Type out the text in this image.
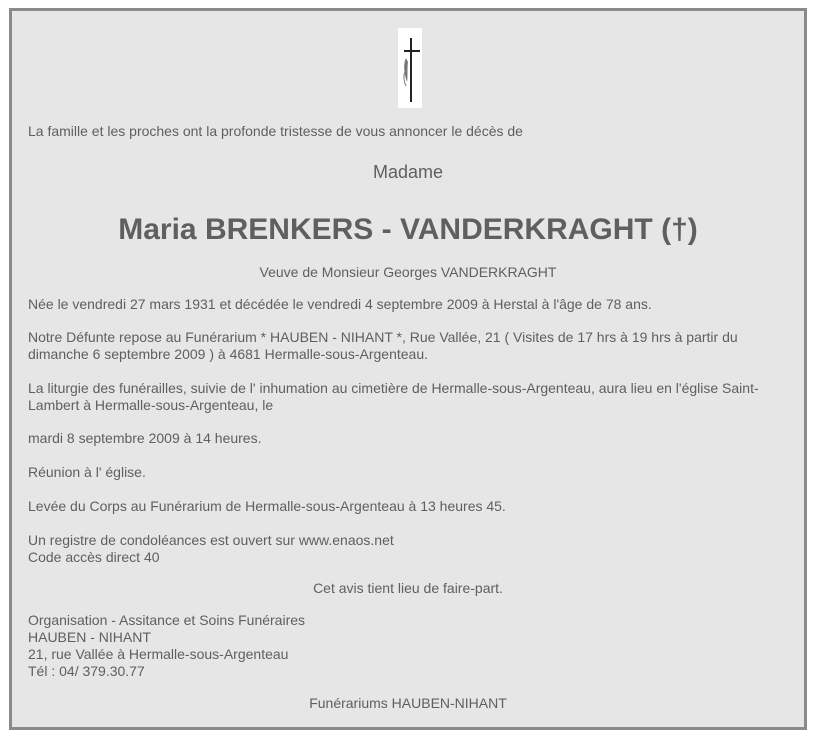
La famille et les proches ont la profonde tristesse de vous annoncer le décès de
Madame
Maria BRENKERS - VANDERKRAGHT (†)
Veuve de Monsieur Georges VANDERKRAGHT
Née le vendredi 27 mars 1931 et décédée le vendredi 4 septembre 2009 à Herstal à l'âge de 78 ans.
Notre Défunte repose au Funérarium * HAUBEN - NIHANT *, Rue Vallée, 21 ( Visites de 17 hrs à 19 hrs à partir du dimanche 6 septembre 2009 ) à 4681 Hermalle-sous-Argenteau.
La liturgie des funérailles, suivie de l' inhumation au cimetière de Hermalle-sous-Argenteau, aura lieu en l'église Saint-Lambert à Hermalle-sous-Argenteau, le
mardi 8 septembre 2009 à 14 heures.
Réunion à l' église.
Levée du Corps au Funérarium de Hermalle-sous-Argenteau à 13 heures 45.
Un registre de condoléances est ouvert sur www.enaos.net
Code accès direct 40
Cet avis tient lieu de faire-part.
Organisation - Assitance et Soins Funéraires
HAUBEN - NIHANT
21, rue Vallée à Hermalle-sous-Argenteau
Tél : 04/ 379.30.77
Funérariums HAUBEN-NIHANT
